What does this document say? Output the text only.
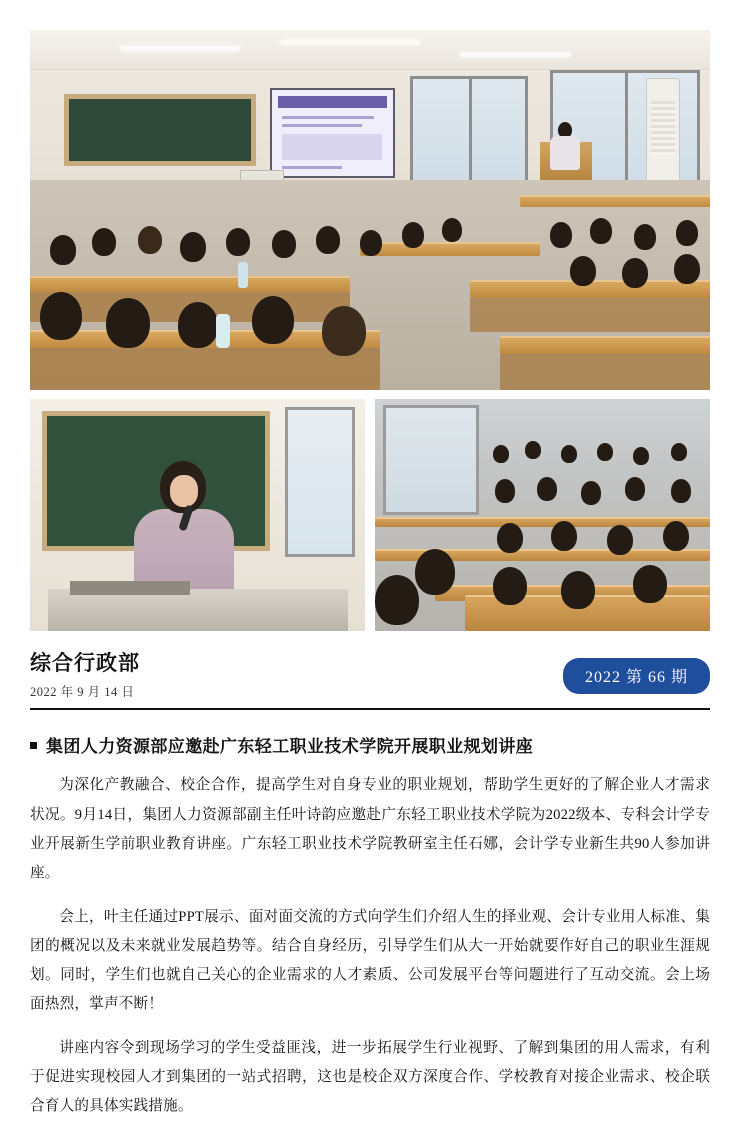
综合行政部
2022 年 9 月 14 日
2022 第 66 期
集团人力资源部应邀赴广东轻工职业技术学院开展职业规划讲座

为深化产教融合、校企合作，提高学生对自身专业的职业规划，帮助学生更好的了解企业人才需求状况。9月14日，集团人力资源部副主任叶诗韵应邀赴广东轻工职业技术学院为2022级本、专科会计学专业开展新生学前职业教育讲座。广东轻工职业技术学院教研室主任石娜，会计学专业新生共90人参加讲座。

会上，叶主任通过PPT展示、面对面交流的方式向学生们介绍人生的择业观、会计专业用人标准、集团的概况以及未来就业发展趋势等。结合自身经历，引导学生们从大一开始就要作好自己的职业生涯规划。同时，学生们也就自己关心的企业需求的人才素质、公司发展平台等问题进行了互动交流。会上场面热烈，掌声不断！

讲座内容令到现场学习的学生受益匪浅，进一步拓展学生行业视野、了解到集团的用人需求，有利于促进实现校园人才到集团的一站式招聘，这也是校企双方深度合作、学校教育对接企业需求、校企联合育人的具体实践措施。
